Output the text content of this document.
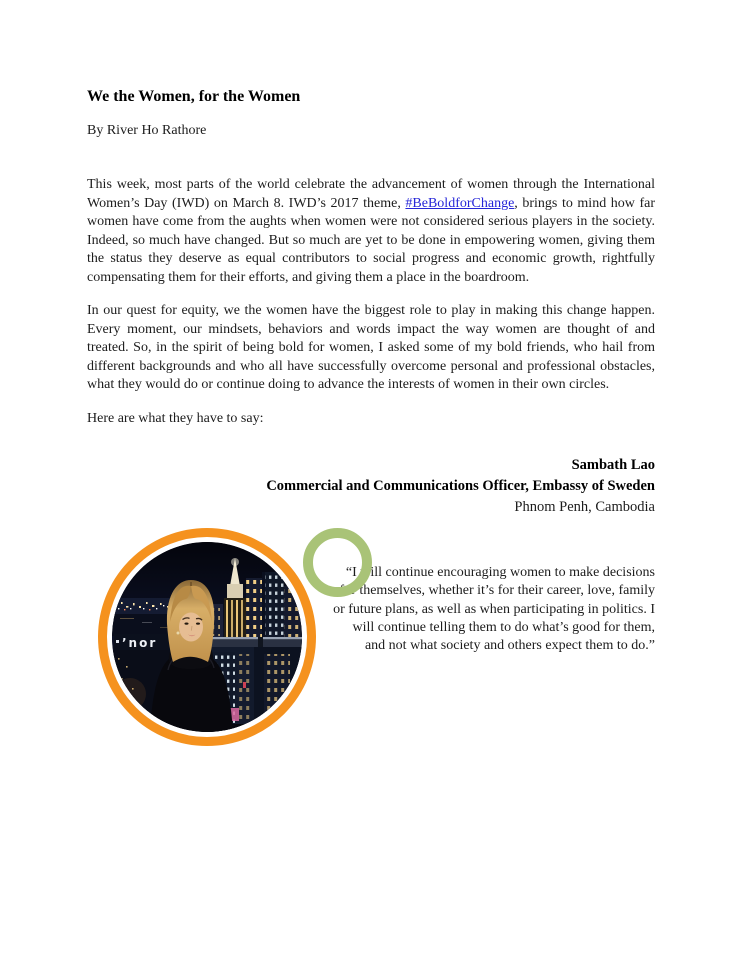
We the Women, for the Women

By River Ho Rathore

This week, most parts of the world celebrate the advancement of women through the International Women’s Day (IWD) on March 8. IWD’s 2017 theme, #BeBoldforChange, brings to mind how far women have come from the aughts when women were not considered serious players in the society. Indeed, so much have changed. But so much are yet to be done in empowering women, giving them the status they deserve as equal contributors to social progress and economic growth, rightfully compensating them for their efforts, and giving them a place in the boardroom.

In our quest for equity, we the women have the biggest role to play in making this change happen. Every moment, our mindsets, behaviors and words impact the way women are thought of and treated. So, in the spirit of being bold for women, I asked some of my bold friends, who hail from different backgrounds and who all have successfully overcome personal and professional obstacles, what they would do or continue doing to advance the interests of women in their own circles.

Here are what they have to say:

Sambath Lao
Commercial and Communications Officer, Embassy of Sweden
Phnom Penh, Cambodia
“I will continue encouraging women to make decisions for themselves, whether it’s for their career, love, family or future plans, as well as when participating in politics. I will continue telling them to do what’s good for them, and not what society and others expect them to do.”
